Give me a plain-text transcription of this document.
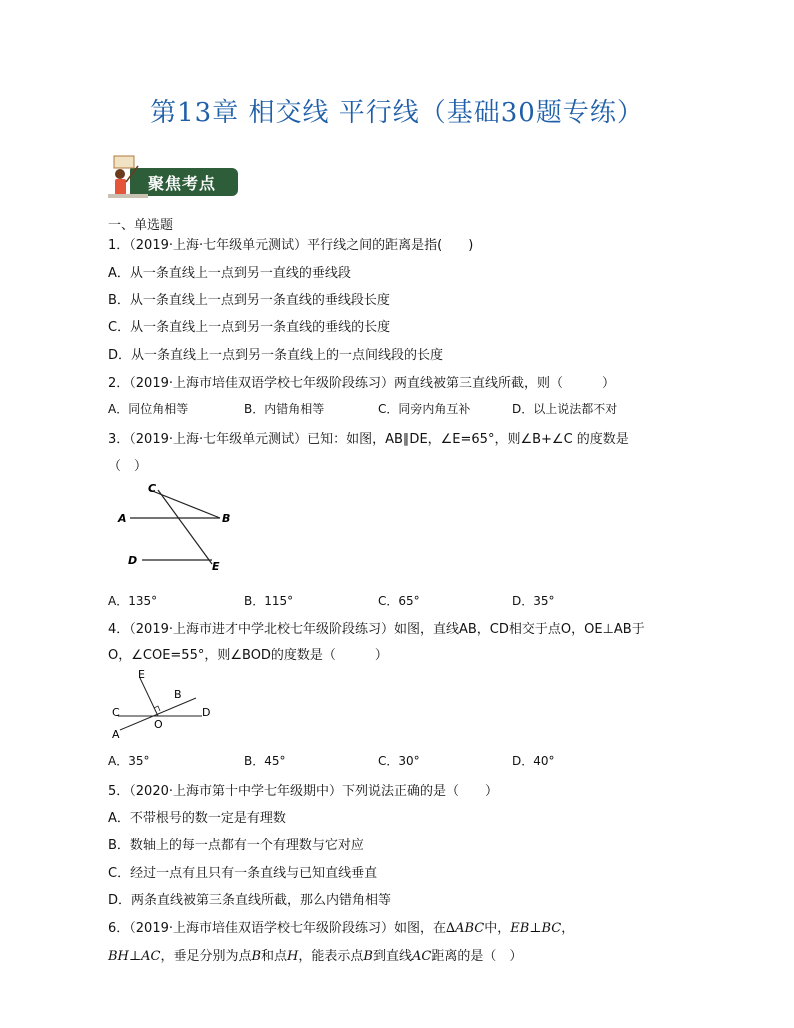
第13章 相交线 平行线（基础30题专练）
聚焦考点
一、单选题
1．（2019·上海·七年级单元测试）平行线之间的距离是指(　　)
A．从一条直线上一点到另一直线的垂线段
B．从一条直线上一点到另一条直线的垂线段长度
C．从一条直线上一点到另一条直线的垂线的长度
D．从一条直线上一点到另一条直线上的一点间线段的长度
2．（2019·上海市培佳双语学校七年级阶段练习）两直线被第三直线所截，则（　　　）
A．同位角相等	B．内错角相等	C．同旁内角互补	D．以上说法都不对
3．（2019·上海·七年级单元测试）已知：如图，AB∥DE，∠E=65°，则∠B+∠C 的度数是
（　）
C
A	B
D	E
A．135°	B．115°	C．65°	D．35°
4．（2019·上海市进才中学北校七年级阶段练习）如图，直线AB，CD相交于点O，OE⊥AB于
O，∠COE=55°，则∠BOD的度数是（　　　）
E
B
C	D
O
A
A．35°	B．45°	C．30°	D．40°
5．（2020·上海市第十中学七年级期中）下列说法正确的是（　　）
A．不带根号的数一定是有理数
B．数轴上的每一点都有一个有理数与它对应
C．经过一点有且只有一条直线与已知直线垂直
D．两条直线被第三条直线所截，那么内错角相等
6．（2019·上海市培佳双语学校七年级阶段练习）如图，在∆ABC中，EB⊥BC，
BH⊥AC，垂足分别为点B和点H，能表示点B到直线AC距离的是（　）
